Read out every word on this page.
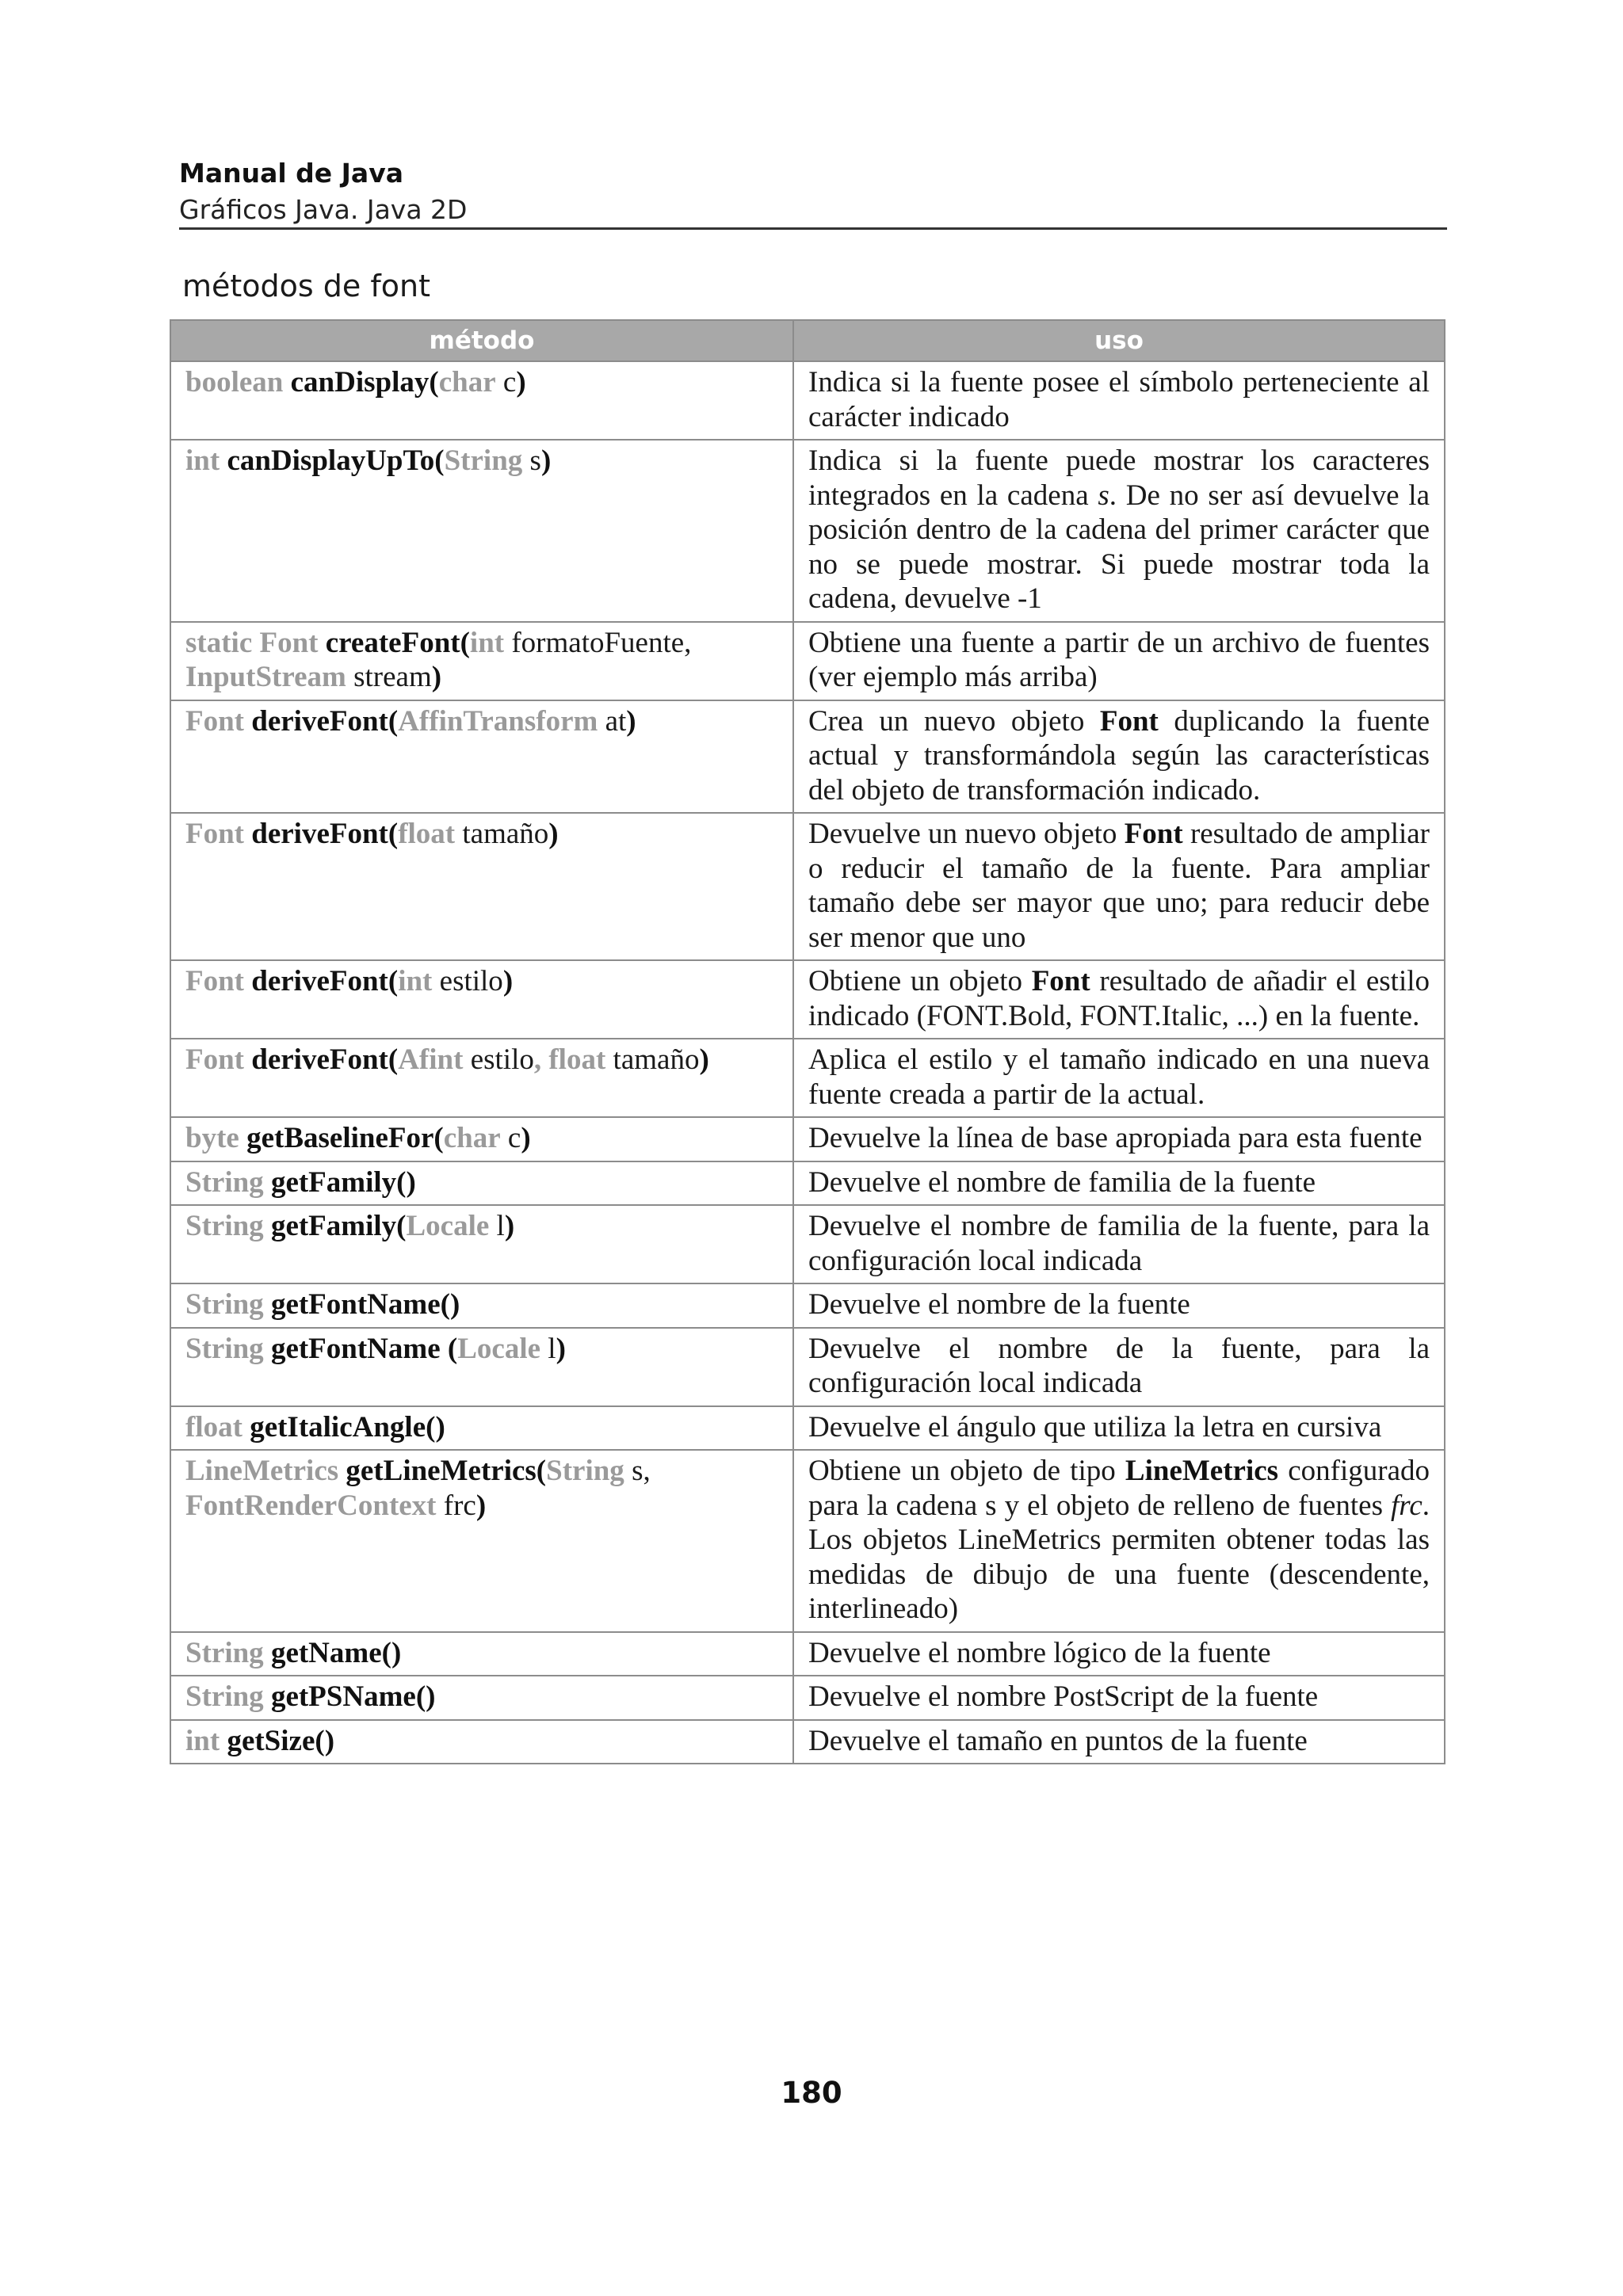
Manual de Java
Gráficos Java. Java 2D
métodos de font
método	uso
boolean canDisplay(char c)	Indica si la fuente posee el símbolo perteneciente al carácter indicado
int canDisplayUpTo(String s)	Indica si la fuente puede mostrar los caracteres integrados en la cadena s. De no ser así devuelve la posición dentro de la cadena del primer carácter que no se puede mostrar. Si puede mostrar toda la cadena, devuelve -1
static Font createFont(int formatoFuente, InputStream stream)	Obtiene una fuente a partir de un archivo de fuentes (ver ejemplo más arriba)
Font deriveFont(AffinTransform at)	Crea un nuevo objeto Font duplicando la fuente actual y transformándola según las características del objeto de transformación indicado.
Font deriveFont(float tamaño)	Devuelve un nuevo objeto Font resultado de ampliar o reducir el tamaño de la fuente. Para ampliar tamaño debe ser mayor que uno; para reducir debe ser menor que uno
Font deriveFont(int estilo)	Obtiene un objeto Font resultado de añadir el estilo indicado (FONT.Bold, FONT.Italic, ...) en la fuente.
Font deriveFont(Afint estilo, float tamaño)	Aplica el estilo y el tamaño indicado en una nueva fuente creada a partir de la actual.
byte getBaselineFor(char c)	Devuelve la línea de base apropiada para esta fuente
String getFamily()	Devuelve el nombre de familia de la fuente
String getFamily(Locale l)	Devuelve el nombre de familia de la fuente, para la configuración local indicada
String getFontName()	Devuelve el nombre de la fuente
String getFontName (Locale l)	Devuelve el nombre de la fuente, para la configuración local indicada
float getItalicAngle()	Devuelve el ángulo que utiliza la letra en cursiva
LineMetrics getLineMetrics(String s, FontRenderContext frc)	Obtiene un objeto de tipo LineMetrics configurado para la cadena s y el objeto de relleno de fuentes frc. Los objetos LineMetrics permiten obtener todas las medidas de dibujo de una fuente (descendente, interlineado)
String getName()	Devuelve el nombre lógico de la fuente
String getPSName()	Devuelve el nombre PostScript de la fuente
int getSize()	Devuelve el tamaño en puntos de la fuente
180
